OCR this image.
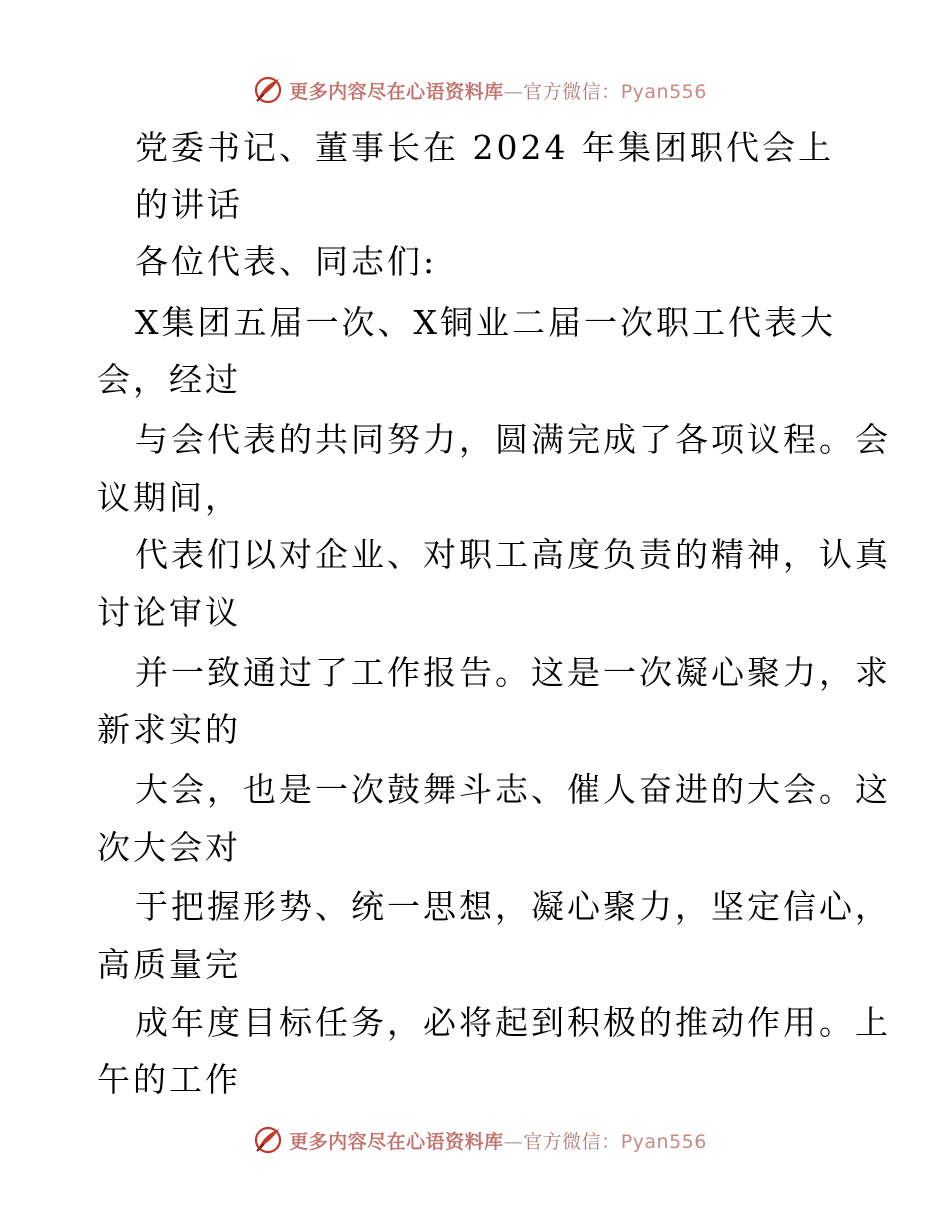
更多内容尽在心语资料库—官方微信：Pyan556
党委书记、董事长在 2024 年集团职代会上
的讲话
各位代表、同志们:
X集团五届一次、X铜业二届一次职工代表大
会，经过
与会代表的共同努力，圆满完成了各项议程。会
议期间，
代表们以对企业、对职工高度负责的精神，认真
讨论审议
并一致通过了工作报告。这是一次凝心聚力，求
新求实的
大会，也是一次鼓舞斗志、催人奋进的大会。这
次大会对
于把握形势、统一思想，凝心聚力，坚定信心，
高质量完
成年度目标任务，必将起到积极的推动作用。上
午的工作
更多内容尽在心语资料库—官方微信：Pyan556
